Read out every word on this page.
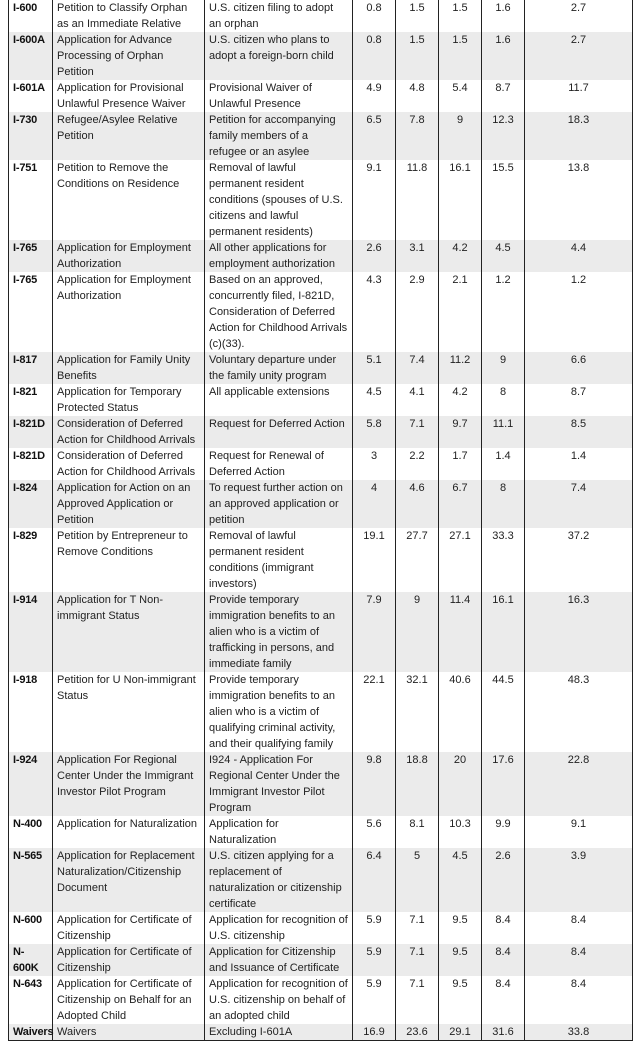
I-600	Petition to Classify Orphan as an Immediate Relative	U.S. citizen filing to adopt an orphan	0.8	1.5	1.5	1.6	2.7
I-600A	Application for Advance Processing of Orphan Petition	U.S. citizen who plans to adopt a foreign-born child	0.8	1.5	1.5	1.6	2.7
I-601A	Application for Provisional Unlawful Presence Waiver	Provisional Waiver of Unlawful Presence	4.9	4.8	5.4	8.7	11.7
I-730	Refugee/Asylee Relative Petition	Petition for accompanying family members of a refugee or an asylee	6.5	7.8	9	12.3	18.3
I-751	Petition to Remove the Conditions on Residence	Removal of lawful permanent resident conditions (spouses of U.S. citizens and lawful permanent residents)	9.1	11.8	16.1	15.5	13.8
I-765	Application for Employment Authorization	All other applications for employment authorization	2.6	3.1	4.2	4.5	4.4
I-765	Application for Employment Authorization	Based on an approved, concurrently filed, I-821D, Consideration of Deferred Action for Childhood Arrivals (c)(33).	4.3	2.9	2.1	1.2	1.2
I-817	Application for Family Unity Benefits	Voluntary departure under the family unity program	5.1	7.4	11.2	9	6.6
I-821	Application for Temporary Protected Status	All applicable extensions	4.5	4.1	4.2	8	8.7
I-821D	Consideration of Deferred Action for Childhood Arrivals	Request for Deferred Action	5.8	7.1	9.7	11.1	8.5
I-821D	Consideration of Deferred Action for Childhood Arrivals	Request for Renewal of Deferred Action	3	2.2	1.7	1.4	1.4
I-824	Application for Action on an Approved Application or Petition	To request further action on an approved application or petition	4	4.6	6.7	8	7.4
I-829	Petition by Entrepreneur to Remove Conditions	Removal of lawful permanent resident conditions (immigrant investors)	19.1	27.7	27.1	33.3	37.2
I-914	Application for T Non-immigrant Status	Provide temporary immigration benefits to an alien who is a victim of trafficking in persons, and immediate family	7.9	9	11.4	16.1	16.3
I-918	Petition for U Non-immigrant Status	Provide temporary immigration benefits to an alien who is a victim of qualifying criminal activity, and their qualifying family	22.1	32.1	40.6	44.5	48.3
I-924	Application For Regional Center Under the Immigrant Investor Pilot Program	I924 - Application For Regional Center Under the Immigrant Investor Pilot Program	9.8	18.8	20	17.6	22.8
N-400	Application for Naturalization	Application for Naturalization	5.6	8.1	10.3	9.9	9.1
N-565	Application for Replacement Naturalization/Citizenship Document	U.S. citizen applying for a replacement of naturalization or citizenship certificate	6.4	5	4.5	2.6	3.9
N-600	Application for Certificate of Citizenship	Application for recognition of U.S. citizenship	5.9	7.1	9.5	8.4	8.4
N-600K	Application for Certificate of Citizenship	Application for Citizenship and Issuance of Certificate	5.9	7.1	9.5	8.4	8.4
N-643	Application for Certificate of Citizenship on Behalf for an Adopted Child	Application for recognition of U.S. citizenship on behalf of an adopted child	5.9	7.1	9.5	8.4	8.4
Waivers	Waivers	Excluding I-601A	16.9	23.6	29.1	31.6	33.8
